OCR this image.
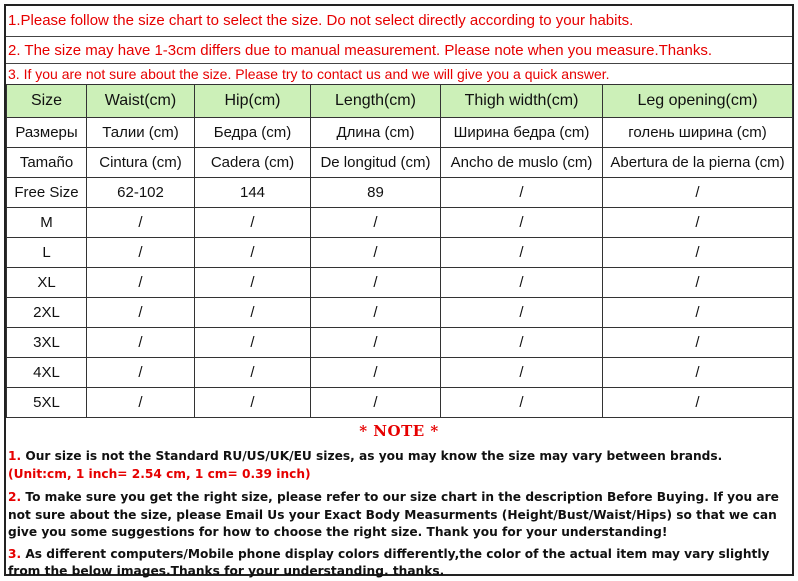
1.Please follow the size chart to select the size. Do not select directly according to your habits.
2. The size may have 1-3cm differs due to manual measurement. Please note when you measure.Thanks.
3. If you are not sure about the size. Please try to contact us and we will give you a quick answer.
Size	Waist(cm)	Hip(cm)	Length(cm)	Thigh width(cm)	Leg opening(cm)
Размеры	Талии (cm)	Бедра (cm)	Длина (cm)	Ширина бедра (cm)	голень ширина (cm)
Tamaño	Cintura (cm)	Cadera (cm)	De longitud (cm)	Ancho de muslo (cm)	Abertura de la pierna (cm)
Free Size	62-102	144	89	/	/
M	/	/	/	/	/
L	/	/	/	/	/
XL	/	/	/	/	/
2XL	/	/	/	/	/
3XL	/	/	/	/	/
4XL	/	/	/	/	/
5XL	/	/	/	/	/
* NOTE *
1. Our size is not the Standard RU/US/UK/EU sizes, as you may know the size may vary between brands.
(Unit:cm, 1 inch= 2.54 cm, 1 cm= 0.39 inch)
2. To make sure you get the right size, please refer to our size chart in the description Before Buying. If you are not sure about the size, please Email Us your Exact Body Measurments (Height/Bust/Waist/Hips) so that we can give you some suggestions for how to choose the right size. Thank you for your understanding!
3. As different computers/Mobile phone display colors differently,the color of the actual item may vary slightly from the below images.Thanks for your understanding. thanks.
